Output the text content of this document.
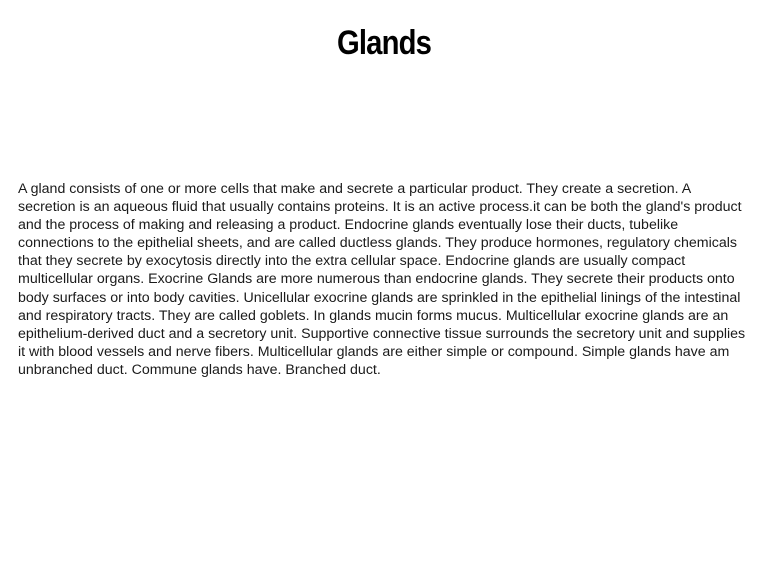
Glands

A gland consists of one or more cells that make and secrete a particular product. They create a secretion. A secretion is an aqueous fluid that usually contains proteins. It is an active process.it can be both the gland's product and the process of making and releasing a product. Endocrine glands eventually lose their ducts, tubelike connections to the epithelial sheets, and are called ductless glands. They produce hormones, regulatory chemicals that they secrete by exocytosis directly into the extra cellular space. Endocrine glands are usually compact multicellular organs. Exocrine Glands are more numerous than endocrine glands. They secrete their products onto body surfaces or into body cavities. Unicellular exocrine glands are sprinkled in the epithelial linings of the intestinal and respiratory tracts. They are called goblets. In glands mucin forms mucus. Multicellular exocrine glands are an epithelium-derived duct and a secretory unit. Supportive connective tissue surrounds the secretory unit and supplies it with blood vessels and nerve fibers. Multicellular glands are either simple or compound. Simple glands have am unbranched duct. Commune glands have. Branched duct.
